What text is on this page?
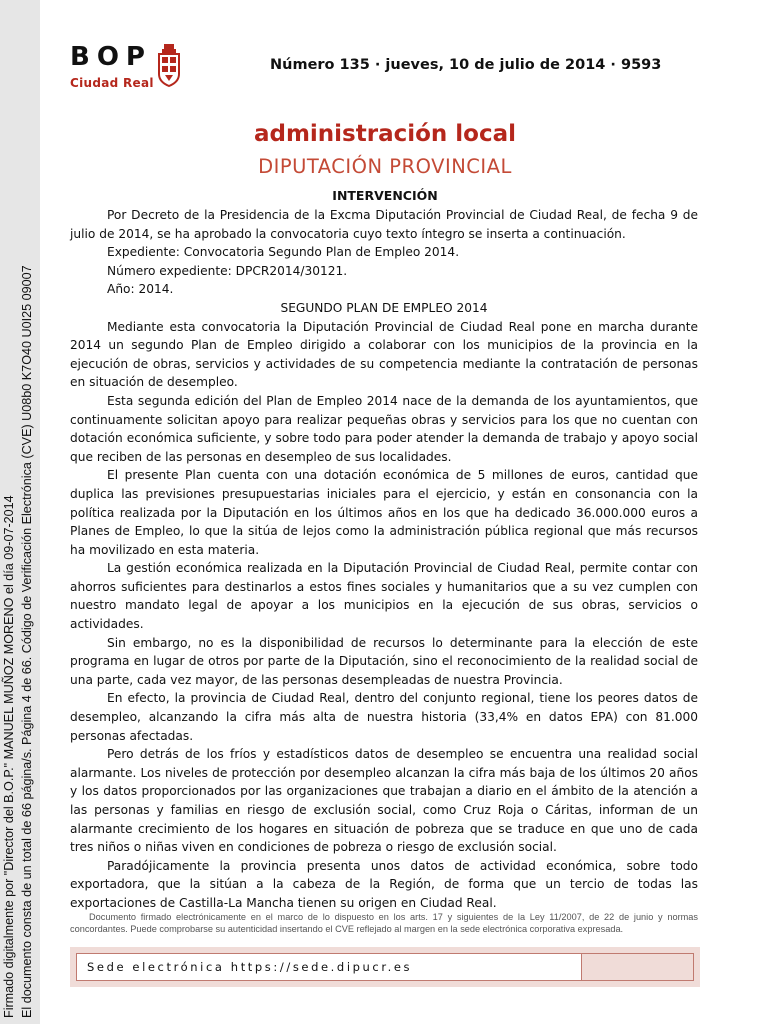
Firmado digitalmente por "Director del B.O.P." MANUEL MUÑOZ MORENO el día 09-07-2014 El documento consta de un total de 66 página/s. Página 4 de 66. Código de Verificación Electrónica (CVE) U08b0 K7O40 U0I25 09007
BOP
Ciudad Real
Número 135 · jueves, 10 de julio de 2014 · 9593
administración local
DIPUTACIÓN PROVINCIAL
INTERVENCIÓN

Por Decreto de la Presidencia de la Excma Diputación Provincial de Ciudad Real, de fecha 9 de julio de 2014, se ha aprobado la convocatoria cuyo texto íntegro se inserta a continuación.

Expediente: Convocatoria Segundo Plan de Empleo 2014.

Número expediente: DPCR2014/30121.

Año: 2014.

SEGUNDO PLAN DE EMPLEO 2014

Mediante esta convocatoria la Diputación Provincial de Ciudad Real pone en marcha durante 2014 un segundo Plan de Empleo dirigido a colaborar con los municipios de la provincia en la ejecución de obras, servicios y actividades de su competencia mediante la contratación de personas en situación de desempleo.

Esta segunda edición del Plan de Empleo 2014 nace de la demanda de los ayuntamientos, que continuamente solicitan apoyo para realizar pequeñas obras y servicios para los que no cuentan con dotación económica suficiente, y sobre todo para poder atender la demanda de trabajo y apoyo social que reciben de las personas en desempleo de sus localidades.

El presente Plan cuenta con una dotación económica de 5 millones de euros, cantidad que duplica las previsiones presupuestarias iniciales para el ejercicio, y están en consonancia con la política realizada por la Diputación en los últimos años en los que ha dedicado 36.000.000 euros a Planes de Empleo, lo que la sitúa de lejos como la administración pública regional que más recursos ha movilizado en esta materia.

La gestión económica realizada en la Diputación Provincial de Ciudad Real, permite contar con ahorros suficientes para destinarlos a estos fines sociales y humanitarios que a su vez cumplen con nuestro mandato legal de apoyar a los municipios en la ejecución de sus obras, servicios o actividades.

Sin embargo, no es la disponibilidad de recursos lo determinante para la elección de este programa en lugar de otros por parte de la Diputación, sino el reconocimiento de la realidad social de una parte, cada vez mayor, de las personas desempleadas de nuestra Provincia.

En efecto, la provincia de Ciudad Real, dentro del conjunto regional, tiene los peores datos de desempleo, alcanzando la cifra más alta de nuestra historia (33,4% en datos EPA) con 81.000 personas afectadas.

Pero detrás de los fríos y estadísticos datos de desempleo se encuentra una realidad social alarmante. Los niveles de protección por desempleo alcanzan la cifra más baja de los últimos 20 años y los datos proporcionados por las organizaciones que trabajan a diario en el ámbito de la atención a las personas y familias en riesgo de exclusión social, como Cruz Roja o Cáritas, informan de un alarmante crecimiento de los hogares en situación de pobreza que se traduce en que uno de cada tres niños o niñas viven en condiciones de pobreza o riesgo de exclusión social.

Paradójicamente la provincia presenta unos datos de actividad económica, sobre todo exportadora, que la sitúan a la cabeza de la Región, de forma que un tercio de todas las exportaciones de Castilla-La Mancha tienen su origen en Ciudad Real.

Documento firmado electrónicamente en el marco de lo dispuesto en los arts. 17 y siguientes de la Ley 11/2007, de 22 de junio y normas concordantes. Puede comprobarse su autenticidad insertando el CVE reflejado al margen en la sede electrónica corporativa expresada.
Sede electrónica https://sede.dipucr.es
